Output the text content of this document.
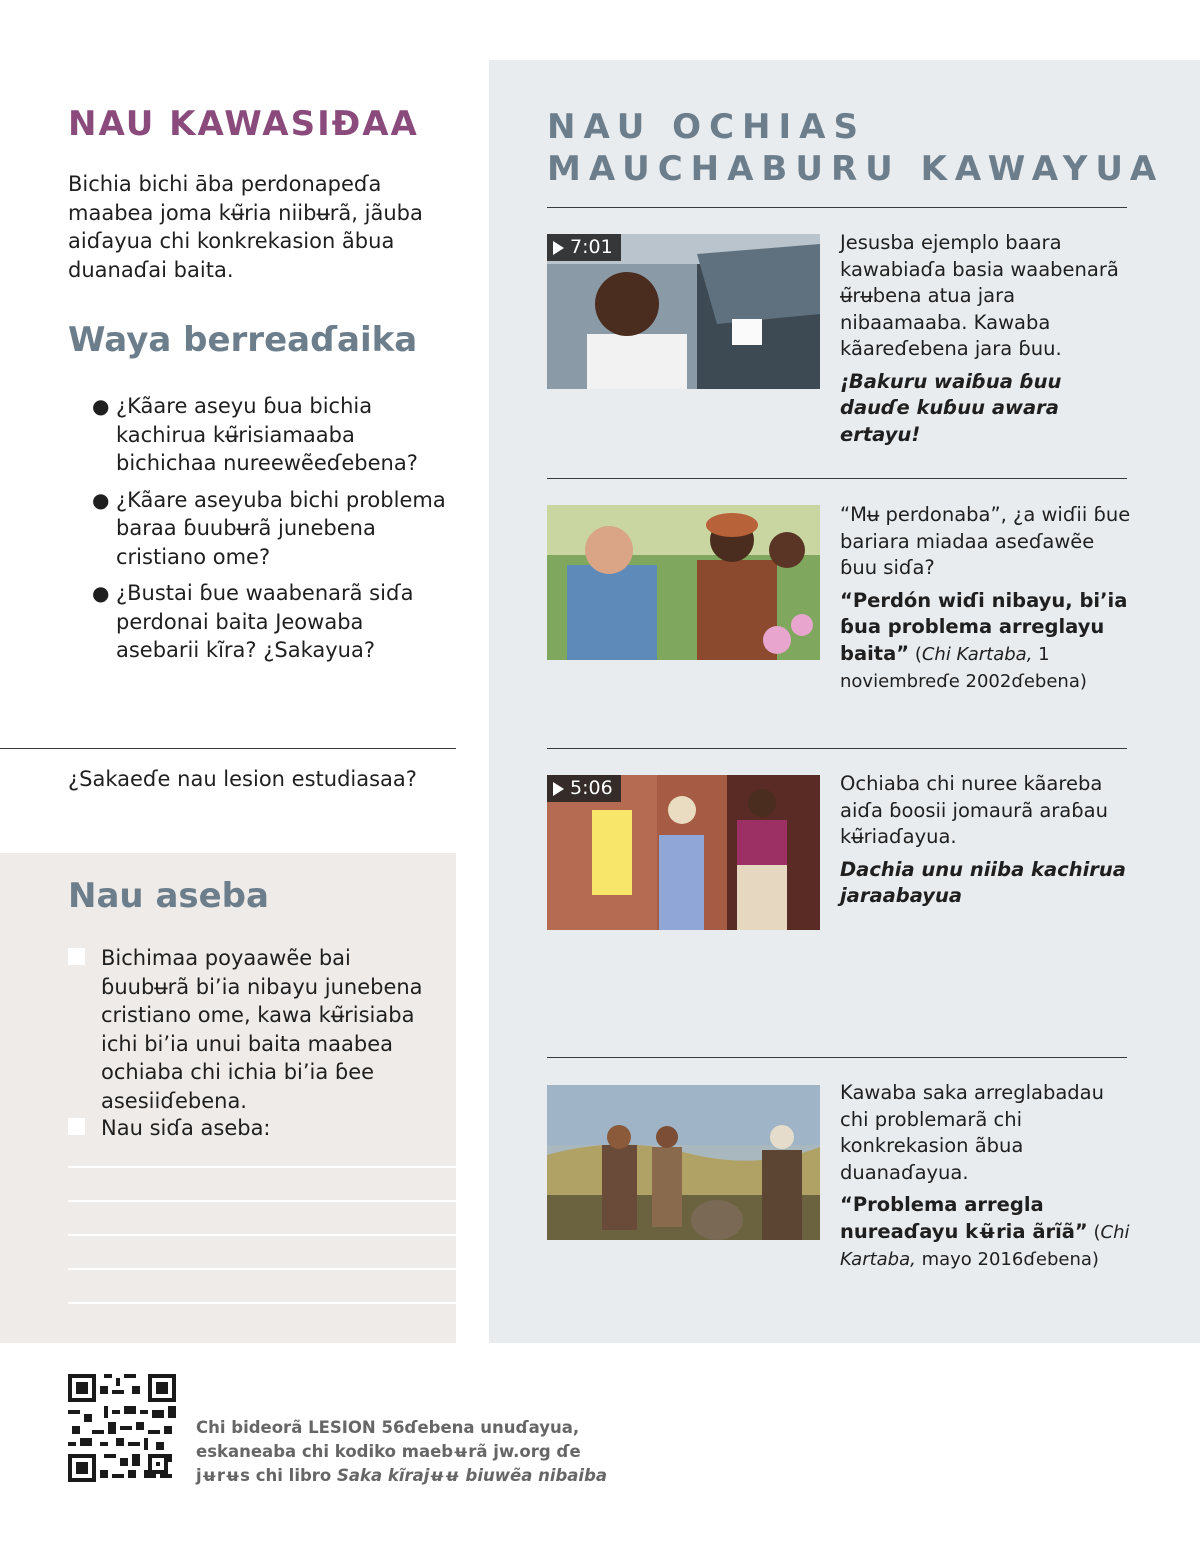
NAU KAWASIƉAA

Bichia bichi āba perdonapeɗa maabea joma kʉ̃ria niibʉrã, jãuba aiɗayua chi konkrekasion ãbua duanaɗai baita.

Waya berreaɗaika
● ¿Kãare aseyu ɓua bichia kachirua kʉ̃risiamaaba bichichaa nureewẽeɗebena?
● ¿Kãare aseyuba bichi problema baraa ɓuubʉrã junebena cristiano ome?
● ¿Bustai ɓue waabenarã siɗa perdonai baita Jeowaba asebarii kĩra? ¿Sakayua?

¿Sakaeɗe nau lesion estudiasaa?

Nau aseba

Bichimaa poyaawẽe bai ɓuubʉrã bi’ia nibayu junebena cristiano ome, kawa kʉ̃risiaba ichi bi’ia unui baita maabea ochiaba chi ichia bi’ia ɓee asesiiɗebena.

Nau siɗa aseba:

NAU OCHIAS
MAUCHABURU KAWAYUA
7:01	Jesusba ejemplo baara kawabiaɗa basia waabenarã ʉ̃rʉbena atua jara nibaamaaba. Kawaba kãareɗebena jara ɓuu.

¡Bakuru waiɓua ɓuu dauɗe kuɓuu awara ertayu!

“Mʉ perdonaba”, ¿a wiɗii ɓue bariara miadaa aseɗawẽe ɓuu siɗa?

“Perdón wiɗi nibayu, bi’ia ɓua problema arreglayu baita” (Chi Kartaba, 1 noviembreɗe 2002ɗebena)

5:06	Ochiaba chi nuree kãareba aiɗa ɓoosii jomaurã araɓau kʉ̃riaɗayua.

Dachia unu niiba kachirua jaraabayua

Kawaba saka arreglabadau chi problemarã chi konkrekasion ãbua duanaɗayua.

“Problema arregla nureaɗayu kʉ̃ria ãrĩã” (Chi Kartaba, mayo 2016ɗebena)

Chi bideorã LESION 56ɗebena unuɗayua,
eskaneaba chi kodiko maebʉrã jw.org ɗe
jʉrʉs chi libro Saka kĩrajʉʉ biuwẽa nibaiba
